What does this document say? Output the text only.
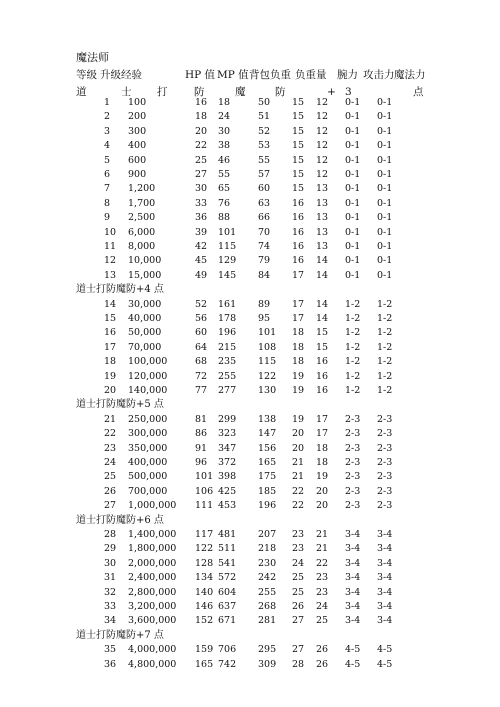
魔法师
等级 升级经验	HP 值 MP 值 背包负重 负重量 腕力 攻击力 魔法力
道	士 打	防	魔	防	+ 3	点
1 100	16 18	50 15 12 0-1 0-1
2 200	18 24	51 15 12 0-1 0-1
3 300	20 30	52 15 12 0-1 0-1
4 400	22 38	53 15 12 0-1 0-1
5 600	25 46	55 15 12 0-1 0-1
6 900	27 55	57 15 12 0-1 0-1
7 1,200	30 65	60 15 13 0-1 0-1
8 1,700	33 76	63 16 13 0-1 0-1
9 2,500	36 88	66 16 13 0-1 0-1
10 6,000	39 101 70 16 13 0-1 0-1
11 8,000	42 115 74 16 13 0-1 0-1
12 10,000	45 129 79 16 14 0-1 0-1
13 15,000	49 145 84 17 14 0-1 0-1
道士打防魔防+4 点
14 30,000	52 161 89 17 14 1-2 1-2
15 40,000	56 178 95 17 14 1-2 1-2
16 50,000	60 196 101 18 15 1-2 1-2
17 70,000	64 215 108 18 15 1-2 1-2
18 100,000	68 235 115 18 16 1-2 1-2
19 120,000	72 255 122 19 16 1-2 1-2
20 140,000	77 277 130 19 16 1-2 1-2
道士打防魔防+5 点
21 250,000	81 299 138 19 17 2-3 2-3
22 300,000	86 323 147 20 17 2-3 2-3
23 350,000	91 347 156 20 18 2-3 2-3
24 400,000	96 372 165 21 18 2-3 2-3
25 500,000	101 398 175 21 19 2-3 2-3
26 700,000	106 425 185 22 20 2-3 2-3
27 1,000,000 111 453 196 22 20 2-3 2-3
道士打防魔防+6 点
28 1,400,000 117 481 207 23 21 3-4 3-4
29 1,800,000 122 511 218 23 21 3-4 3-4
30 2,000,000 128 541 230 24 22 3-4 3-4
31 2,400,000 134 572 242 25 23 3-4 3-4
32 2,800,000 140 604 255 25 23 3-4 3-4
33 3,200,000 146 637 268 26 24 3-4 3-4
34 3,600,000 152 671 281 27 25 3-4 3-4
道士打防魔防+7 点
35 4,000,000 159 706 295 27 26 4-5 4-5
36 4,800,000 165 742 309 28 26 4-5 4-5
